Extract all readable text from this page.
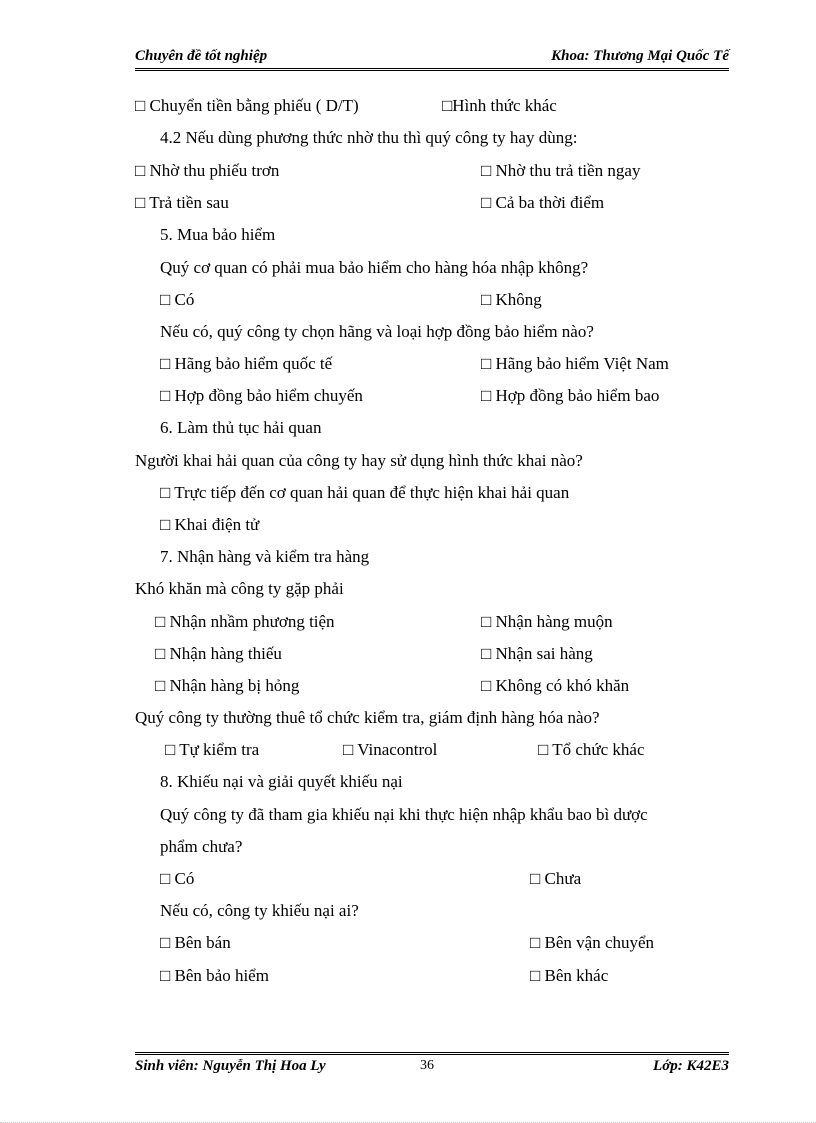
Chuyên đề tốt nghiệp	Khoa: Thương Mại Quốc Tế
□ Chuyển tiền bằng phiếu ( D/T)	□Hình thức khác
4.2 Nếu dùng phương thức nhờ thu thì quý công ty hay dùng:
□ Nhờ thu phiếu trơn	□ Nhờ thu trả tiền ngay
□ Trả tiền sau	□ Cả ba thời điểm
5. Mua bảo hiểm
Quý cơ quan có phải mua bảo hiểm cho hàng hóa nhập không?
□ Có	□ Không
Nếu có, quý công ty chọn hãng và loại hợp đồng bảo hiểm nào?
□ Hãng bảo hiểm quốc tế	□ Hãng bảo hiểm Việt Nam
□ Hợp đồng bảo hiểm chuyến	□ Hợp đồng bảo hiểm bao
6. Làm thủ tục hải quan
Người khai hải quan của công ty hay sử dụng hình thức khai nào?
□ Trực tiếp đến cơ quan hải quan để thực hiện khai hải quan
□ Khai điện tử
7. Nhận hàng và kiểm tra hàng
Khó khăn mà công ty gặp phải
□ Nhận nhầm phương tiện	□ Nhận hàng muộn
□ Nhận hàng thiếu	□ Nhận sai hàng
□ Nhận hàng bị hỏng	□ Không có khó khăn
Quý công ty thường thuê tổ chức kiểm tra, giám định hàng hóa nào?
□ Tự kiểm tra	□ Vinacontrol	□ Tổ chức khác
8. Khiếu nại và giải quyết khiếu nại
Quý công ty đã tham gia khiếu nại khi thực hiện nhập khẩu bao bì dược
phẩm chưa?
□ Có	□ Chưa
Nếu có, công ty khiếu nại ai?
□ Bên bán	□ Bên vận chuyển
□ Bên bảo hiểm	□ Bên khác
Sinh viên: Nguyễn Thị Hoa Ly	36	Lớp: K42E3
